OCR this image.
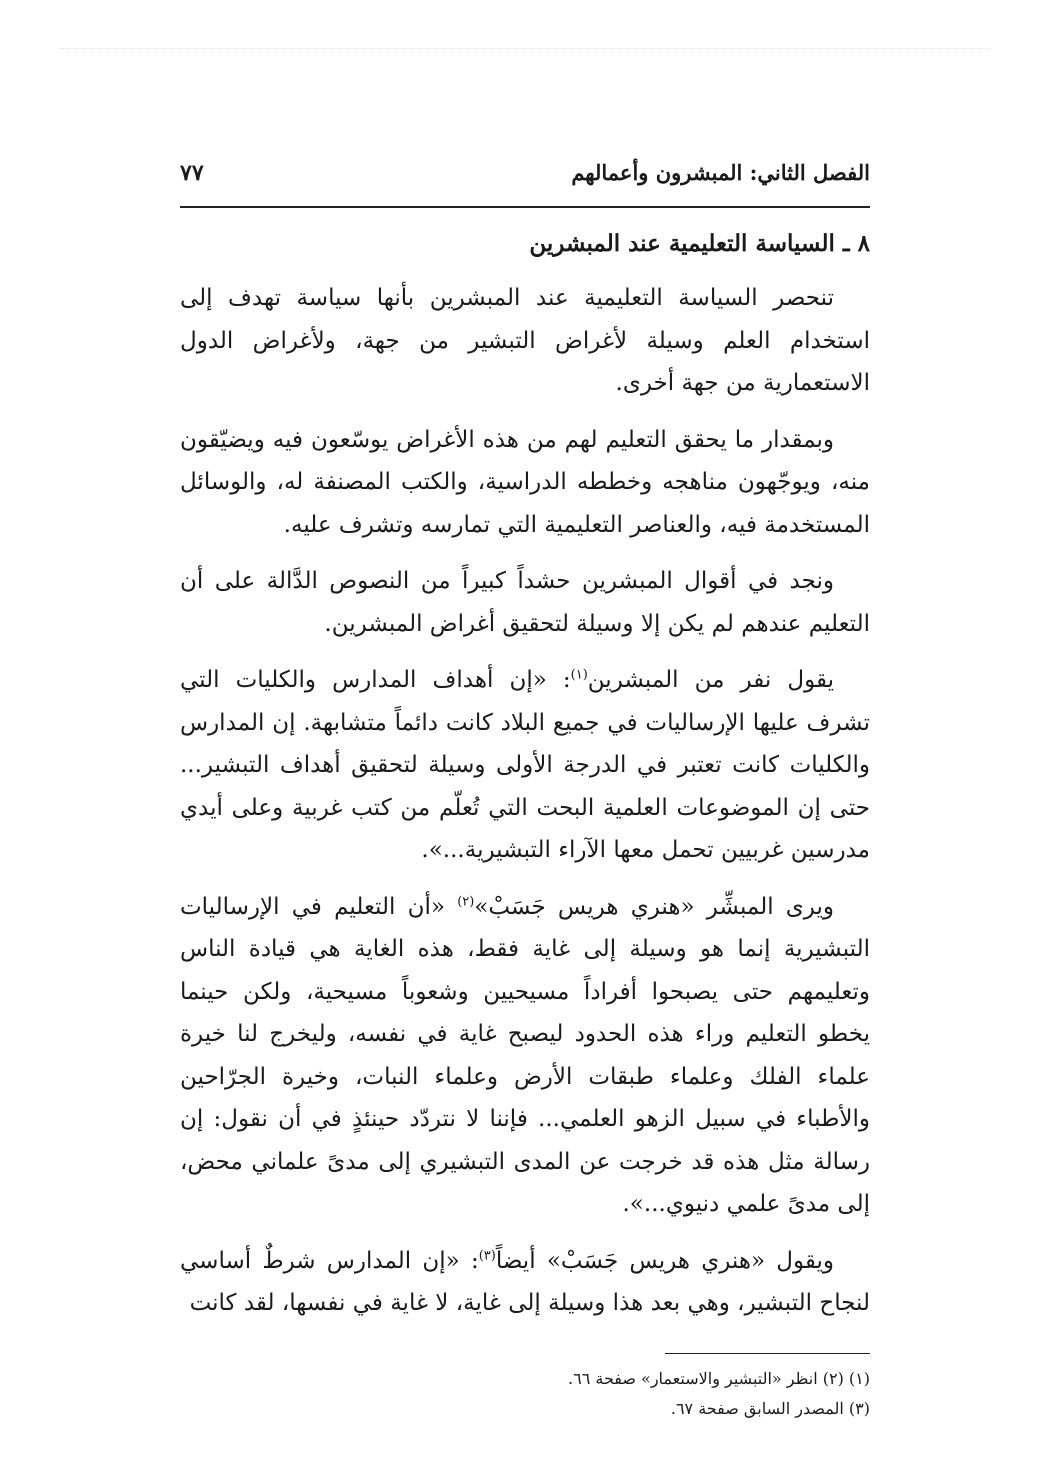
الفصل الثاني: المبشرون وأعمالهم
٧٧
٨ ـ السياسة التعليمية عند المبشرين

تنحصر السياسة التعليمية عند المبشرين بأنها سياسة تهدف إلى استخدام العلم وسيلة لأغراض التبشير من جهة، ولأغراض الدول الاستعمارية من جهة أخرى.

وبمقدار ما يحقق التعليم لهم من هذه الأغراض يوسّعون فيه ويضيّقون منه، ويوجّهون مناهجه وخططه الدراسية، والكتب المصنفة له، والوسائل المستخدمة فيه، والعناصر التعليمية التي تمارسه وتشرف عليه.

ونجد في أقوال المبشرين حشداً كبيراً من النصوص الدَّالة على أن التعليم عندهم لم يكن إلا وسيلة لتحقيق أغراض المبشرين.

يقول نفر من المبشرين$^{(١)}$: «إن أهداف المدارس والكليات التي تشرف عليها الإرساليات في جميع البلاد كانت دائماً متشابهة. إن المدارس والكليات كانت تعتبر في الدرجة الأولى وسيلة لتحقيق أهداف التبشير... حتى إن الموضوعات العلمية البحت التي تُعلّم من كتب غربية وعلى أيدي مدرسين غربيين تحمل معها الآراء التبشيرية...».

ويرى المبشِّر «هنري هريس جَسَبْ»$^{(٢)}$ «أن التعليم في الإرساليات التبشيرية إنما هو وسيلة إلى غاية فقط، هذه الغاية هي قيادة الناس وتعليمهم حتى يصبحوا أفراداً مسيحيين وشعوباً مسيحية، ولكن حينما يخطو التعليم وراء هذه الحدود ليصبح غاية في نفسه، وليخرج لنا خيرة علماء الفلك وعلماء طبقات الأرض وعلماء النبات، وخيرة الجرّاحين والأطباء في سبيل الزهو العلمي... فإننا لا نتردّد حينئذٍ في أن نقول: إن رسالة مثل هذه قد خرجت عن المدى التبشيري إلى مدىً علماني محض، إلى مدىً علمي دنيوي...».

ويقول «هنري هريس جَسَبْ» أيضاً$^{(٣)}$: «إن المدارس شرطٌ أساسي لنجاح التبشير، وهي بعد هذا وسيلة إلى غاية، لا غاية في نفسها، لقد كانت

(١) (٢) انظر «التبشير والاستعمار» صفحة ٦٦.

(٣) المصدر السابق صفحة ٦٧.
